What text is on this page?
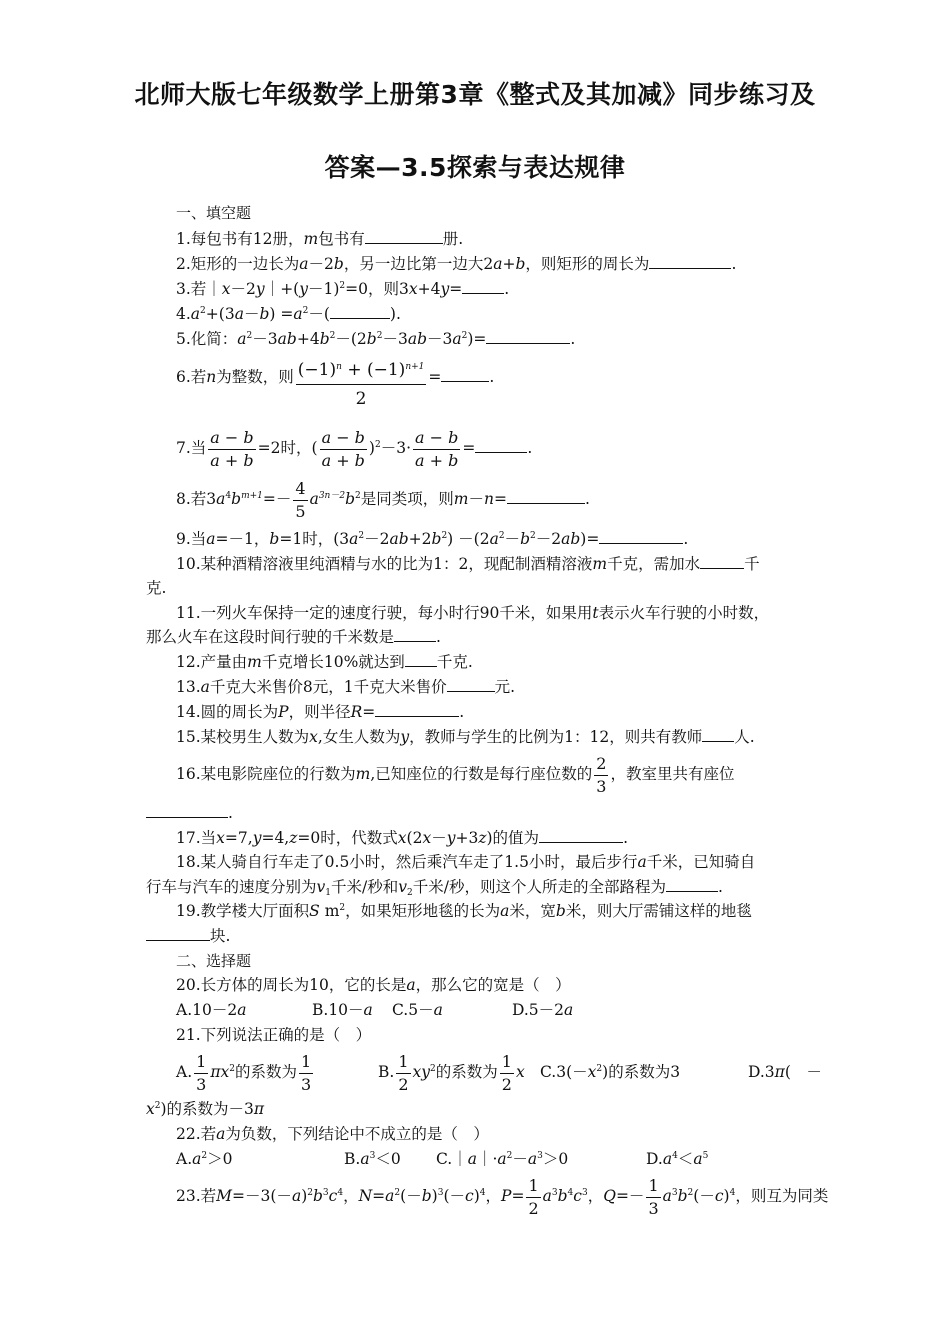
北师大版七年级数学上册第3章《整式及其加减》同步练习及
答案—3.5探索与表达规律
一、填空题
1.每包书有12册，m包书有	册.
2.矩形的一边长为a－2b，另一边比第一边大2a+b，则矩形的周长为	.
3.若$|x-2y|+(y-1)^2=0$，则3x+4y=	.
$4.a^2+(3a-b) =a^2-$(	).
5.化简：$a^2-3ab+4b^2-(2b^2-3ab-3a^2)=$	.
6.若n为整数，则 $\frac{(-1)^n + (-1)^{n+1}}{2}$ =	.
7.当 $\frac{a - b}{a + b} =2$时，( $\frac{a - b}{a + b} )^2-3\cdot \frac{a - b}{a + b}$ =	.
8.若$3a^4b^{m+1}=- \frac{4}{5} a^{3n-2}b^2$是同类项，则m－n=	.
9.当a=－1，b=1时，$(3a^2-2ab+2b^2) -(2a^2-b^2-2ab)=$	.
10.某种酒精溶液里纯酒精与水的比为1：2，现配制酒精溶液m千克，需加水	千
克.
11.一列火车保持一定的速度行驶，每小时行90千米，如果用t表示火车行驶的小时数，
那么火车在这段时间行驶的千米数是	.
12.产量由m千克增长10%就达到 千克.
13.a千克大米售价8元，1千克大米售价	元.
14.圆的周长为P，则半径R=	.
15.某校男生人数为x,女生人数为y，教师与学生的比例为1：12，则共有教师 人.
16.某电影院座位的行数为m,已知座位的行数是每行座位数的 $\frac{2}{3}$ ，教室里共有座位
.
17.当x=7,y=4,z=0时，代数式x(2x－y+3z)的值为	.
18.某人骑自行车走了0.5小时，然后乘汽车走了1.5小时，最后步行a千米，已知骑自
行车与汽车的速度分别为$v_1$千米/秒和$v_2$千米/秒，则这个人所走的全部路程为	.
19.教学楼大厅面积S $m^2$，如果矩形地毯的长为a米，宽b米，则大厅需铺这样的地毯
块.
二、选择题
20.长方体的周长为10，它的长是a，那么它的宽是（　）
A.10－2a	B.10－a C.5－a	D.5－2a
21.下列说法正确的是（　）
A. $\frac{1}{3} \pi x^2$的系数为 $\frac{1}{3}$	B. $\frac{1}{2} xy^2$的系数为 $\frac{1}{2}$ x $C.3(-x^2)$的系数为3	D.3π(　－
$x^2$)的系数为－3π
22.若a为负数，下列结论中不成立的是（　）
$A.a^2>0$	$B.a^3<0$ $C.|a|\cdot a^2-a^3>0$	$D.a^4<a^5$
23.若$M=-3(-a)^2b^3c^4$，$N=a^2(-b)^3(-c)^4$，$P= \frac{1}{2} a^3b^4c^3$，$Q=- \frac{1}{3} a^3b^2(-c)^4$，则互为同类
